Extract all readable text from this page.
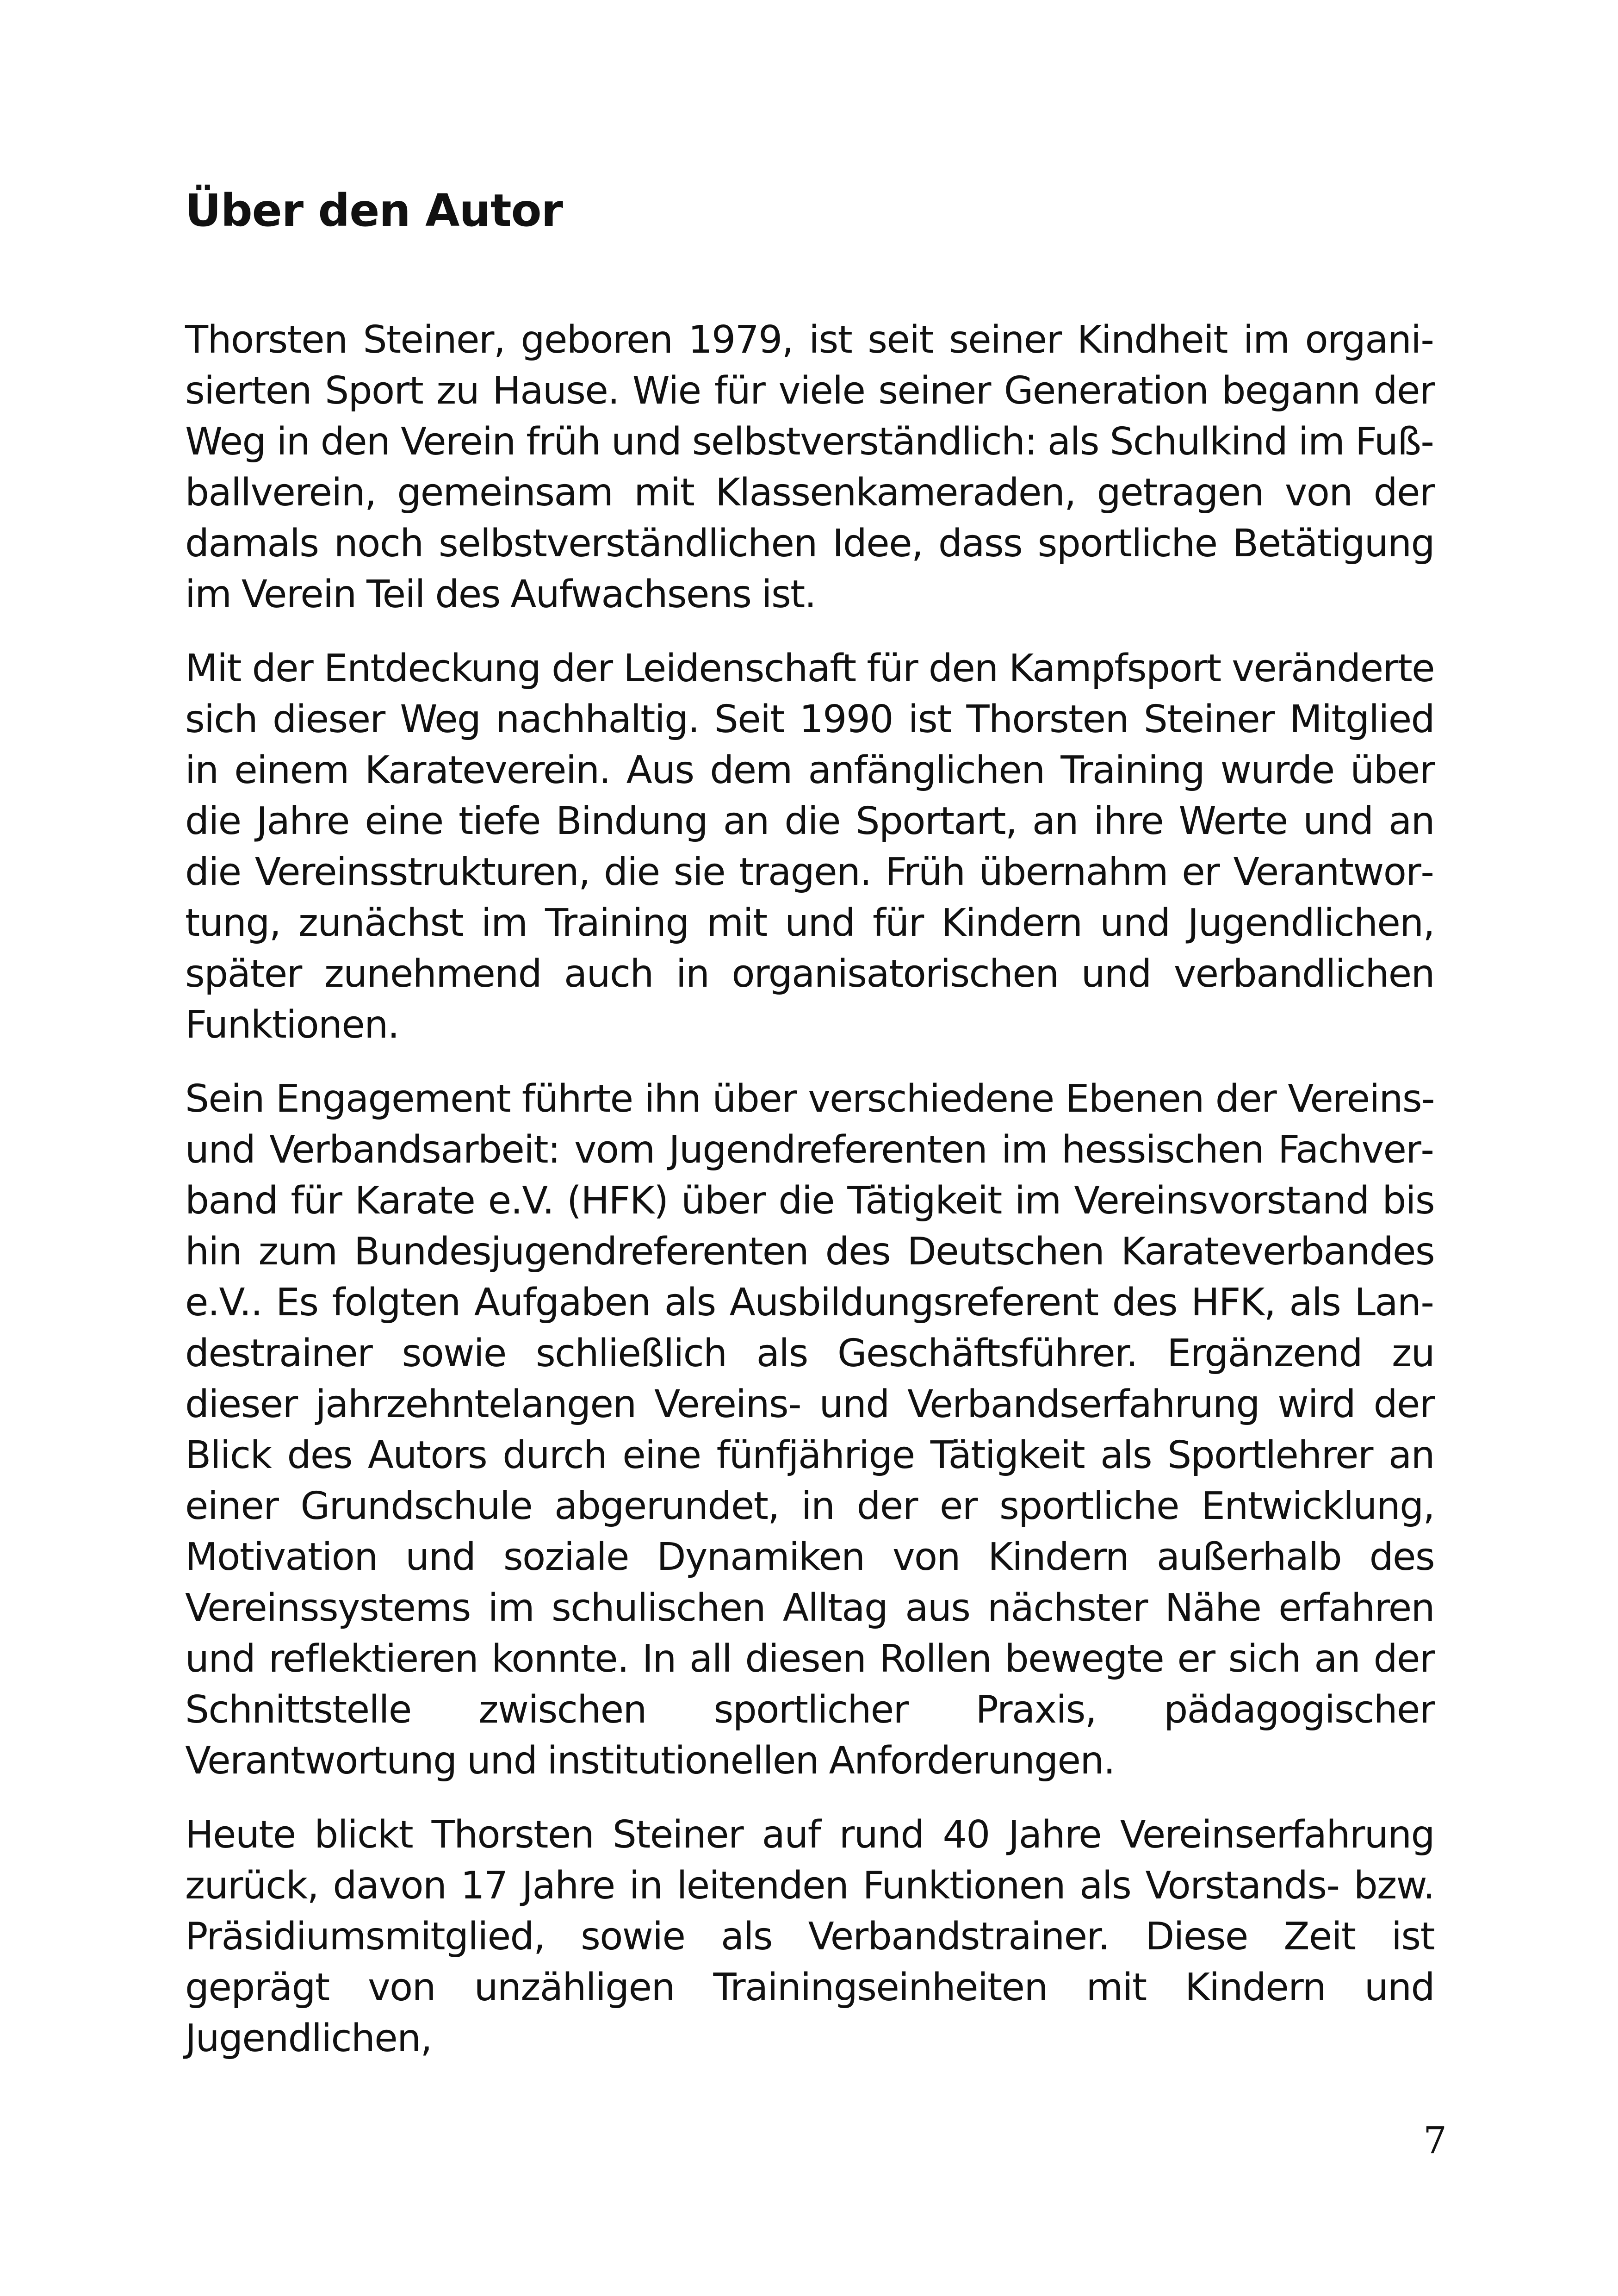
Über den Autor

Thorsten Steiner, geboren 1979, ist seit seiner Kindheit im organisierten Sport zu Hause. Wie für viele seiner Generation begann der Weg in den Verein früh und selbstverständlich: als Schulkind im Fußballverein, gemeinsam mit Klassenkameraden, getragen von der damals noch selbstverständlichen Idee, dass sportliche Betätigung im Verein Teil des Aufwachsens ist.

Mit der Entdeckung der Leidenschaft für den Kampfsport veränderte sich dieser Weg nachhaltig. Seit 1990 ist Thorsten Steiner Mitglied in einem Karateverein. Aus dem anfänglichen Training wurde über die Jahre eine tiefe Bindung an die Sportart, an ihre Werte und an die Vereinsstrukturen, die sie tragen. Früh übernahm er Verantwortung, zunächst im Training mit und für Kindern und Jugendlichen, später zunehmend auch in organisatorischen und verbandlichen Funktionen.

Sein Engagement führte ihn über verschiedene Ebenen der Vereins- und Verbandsarbeit: vom Jugendreferenten im hessischen Fachverband für Karate e.V. (HFK) über die Tätigkeit im Vereinsvorstand bis hin zum Bundesjugendreferenten des Deutschen Karateverbandes e.V.. Es folgten Aufgaben als Ausbildungsreferent des HFK, als Landestrainer sowie schließlich als Geschäftsführer. Ergänzend zu dieser jahrzehntelangen Vereins- und Verbandserfahrung wird der Blick des Autors durch eine fünfjährige Tätigkeit als Sportlehrer an einer Grundschule abgerundet, in der er sportliche Entwicklung, Motivation und soziale Dynamiken von Kindern außerhalb des Vereinssystems im schulischen Alltag aus nächster Nähe erfahren und reflektieren konnte. In all diesen Rollen bewegte er sich an der Schnittstelle zwischen sportlicher Praxis, pädagogischer Verantwortung und institutionellen Anforderungen.

Heute blickt Thorsten Steiner auf rund 40 Jahre Vereinserfahrung zurück, davon 17 Jahre in leitenden Funktionen als Vorstands- bzw. Präsidiumsmitglied, sowie als Verbandstrainer. Diese Zeit ist geprägt von unzähligen Trainingseinheiten mit Kindern und Jugendlichen,

7
